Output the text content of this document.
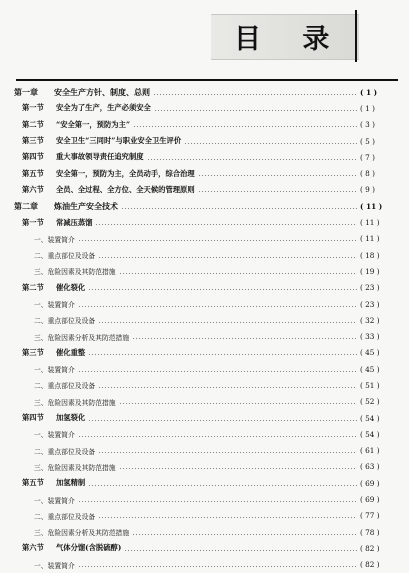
目 录
第一章	安全生产方针、制度、总则	( 1 )
第一节	安全为了生产，生产必须安全	( 1 )
第二节	“安全第一，预防为主”	( 3 )
第三节	安全卫生“三同时”与职业安全卫生评价	( 5 )
第四节	重大事故领导责任追究制度	( 7 )
第五节	安全第一，预防为主，全员动手，综合治理	( 8 )
第六节	全员、全过程、全方位、全天候的管理原则	( 9 )
第二章	炼油生产安全技术	( 11 )
第一节	常减压蒸馏	( 11 )
一、装置简介	( 11 )
二、重点部位及设备	( 18 )
三、危险因素及其防范措施	( 19 )
第二节	催化裂化	( 23 )
一、装置简介	( 23 )
二、重点部位及设备	( 32 )
三、危险因素分析及其防范措施	( 33 )
第三节	催化重整	( 45 )
一、装置简介	( 45 )
二、重点部位及设备	( 51 )
三、危险因素及其防范措施	( 52 )
第四节	加氢裂化	( 54 )
一、装置简介	( 54 )
二、重点部位及设备	( 61 )
三、危险因素及其防范措施	( 63 )
第五节	加氢精制	( 69 )
一、装置简介	( 69 )
二、重点部位及设备	( 77 )
三、危险因素分析及其防范措施	( 78 )
第六节	气体分馏(含脱硫醇)	( 82 )
一、装置简介	( 82 )
